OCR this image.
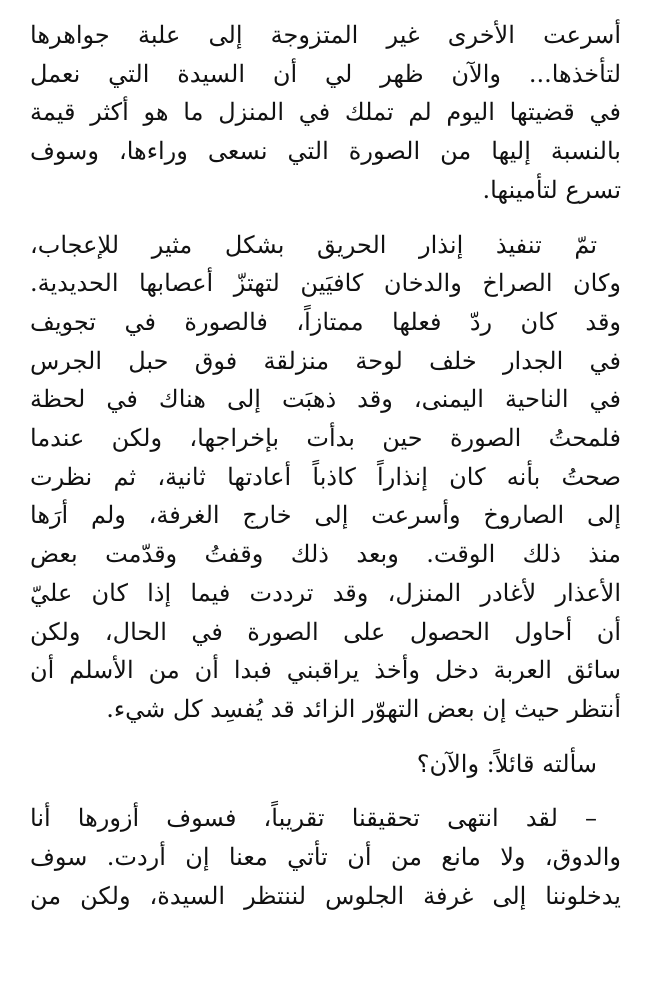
أسرعت الأخرى غير المتزوجة إلى علبة جواهرها
لتأخذها... والآن ظهر لي أن السيدة التي نعمل
في قضيتها اليوم لم تملك في المنزل ما هو أكثر قيمة
بالنسبة إليها من الصورة التي نسعى وراءها، وسوف
تسرع لتأمينها.

تمّ تنفيذ إنذار الحريق بشكل مثير للإعجاب،
وكان الصراخ والدخان كافيَين لتهتزّ أعصابها الحديدية.
وقد كان ردّ فعلها ممتازاً، فالصورة في تجويف
في الجدار خلف لوحة منزلقة فوق حبل الجرس
في الناحية اليمنى، وقد ذهبَت إلى هناك في لحظة
فلمحتُ الصورة حين بدأت بإخراجها، ولكن عندما
صحتُ بأنه كان إنذاراً كاذباً أعادتها ثانية، ثم نظرت
إلى الصاروخ وأسرعت إلى خارج الغرفة، ولم أرَها
منذ ذلك الوقت. وبعد ذلك وقفتُ وقدّمت بعض
الأعذار لأغادر المنزل، وقد ترددت فيما إذا كان عليّ
أن أحاول الحصول على الصورة في الحال، ولكن
سائق العربة دخل وأخذ يراقبني فبدا أن من الأسلم أن
أنتظر حيث إن بعض التهوّر الزائد قد يُفسِد كل شيء.

سألته قائلاً: والآن؟

– لقد انتهى تحقيقنا تقريباً، فسوف أزورها أنا
والدوق، ولا مانع من أن تأتي معنا إن أردت. سوف
يدخلوننا إلى غرفة الجلوس لننتظر السيدة، ولكن من
